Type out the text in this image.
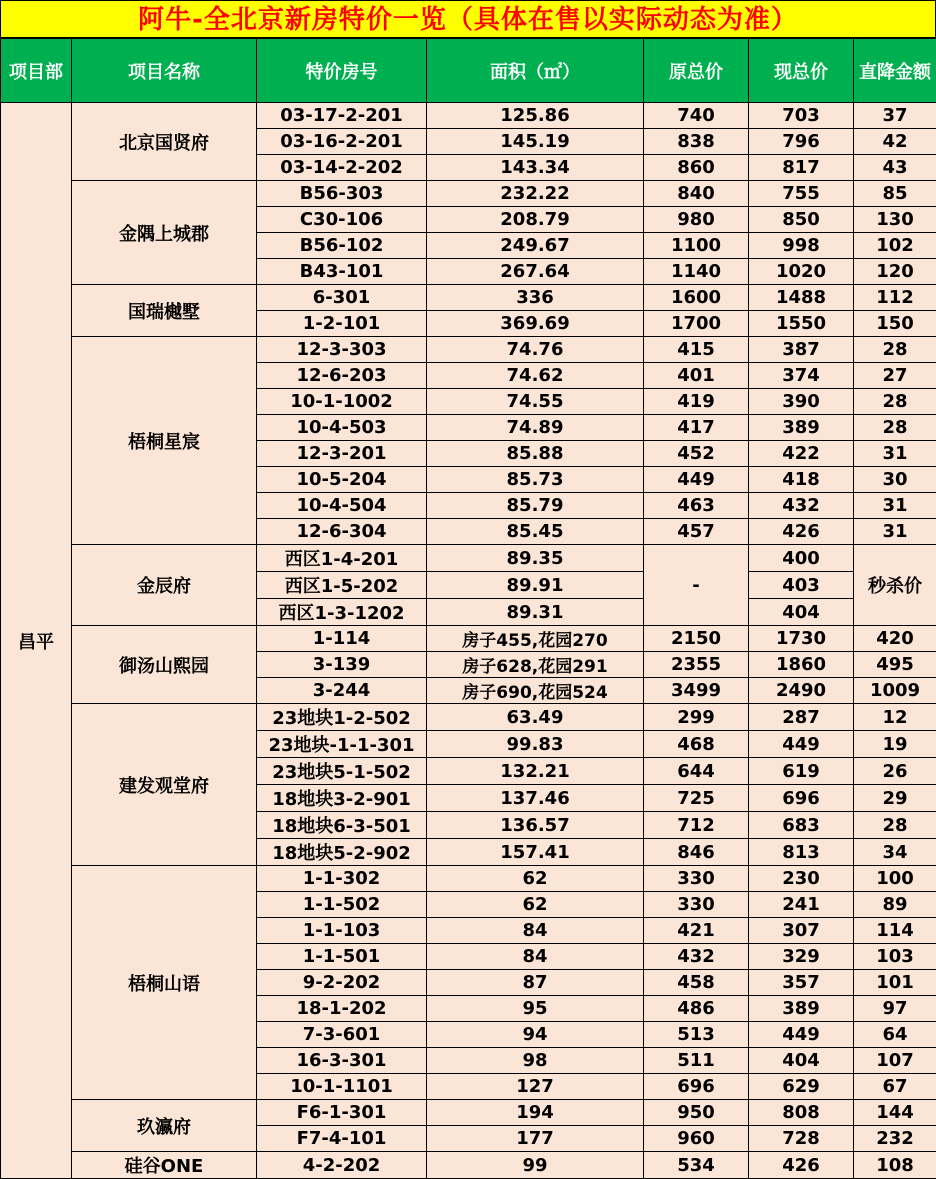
阿牛-全北京新房特价一览（具体在售以实际动态为准）
项目部	项目名称	特价房号	面积（㎡）	原总价	现总价	直降金额
昌平	北京国贤府	03-17-2-201	125.86	740	703	37
		03-16-2-201	145.19	838	796	42
		03-14-2-202	143.34	860	817	43
	金隅上城郡	B56-303	232.22	840	755	85
		C30-106	208.79	980	850	130
		B56-102	249.67	1100	998	102
		B43-101	267.64	1140	1020	120
	国瑞樾墅	6-301	336	1600	1488	112
		1-2-101	369.69	1700	1550	150
	梧桐星宸	12-3-303	74.76	415	387	28
		12-6-203	74.62	401	374	27
		10-1-1002	74.55	419	390	28
		10-4-503	74.89	417	389	28
		12-3-201	85.88	452	422	31
		10-5-204	85.73	449	418	30
		10-4-504	85.79	463	432	31
		12-6-304	85.45	457	426	31
	金辰府	西区1-4-201	89.35	-	400	秒杀价
		西区1-5-202	89.91		403	
		西区1-3-1202	89.31		404	
	御汤山熙园	1-114	房子455,花园270	2150	1730	420
		3-139	房子628,花园291	2355	1860	495
		3-244	房子690,花园524	3499	2490	1009
	建发观堂府	23地块1-2-502	63.49	299	287	12
		23地块-1-1-301	99.83	468	449	19
		23地块5-1-502	132.21	644	619	26
		18地块3-2-901	137.46	725	696	29
		18地块6-3-501	136.57	712	683	28
		18地块5-2-902	157.41	846	813	34
	梧桐山语	1-1-302	62	330	230	100
		1-1-502	62	330	241	89
		1-1-103	84	421	307	114
		1-1-501	84	432	329	103
		9-2-202	87	458	357	101
		18-1-202	95	486	389	97
		7-3-601	94	513	449	64
		16-3-301	98	511	404	107
		10-1-1101	127	696	629	67
	玖瀛府	F6-1-301	194	950	808	144
		F7-4-101	177	960	728	232
	硅谷ONE	4-2-202	99	534	426	108
